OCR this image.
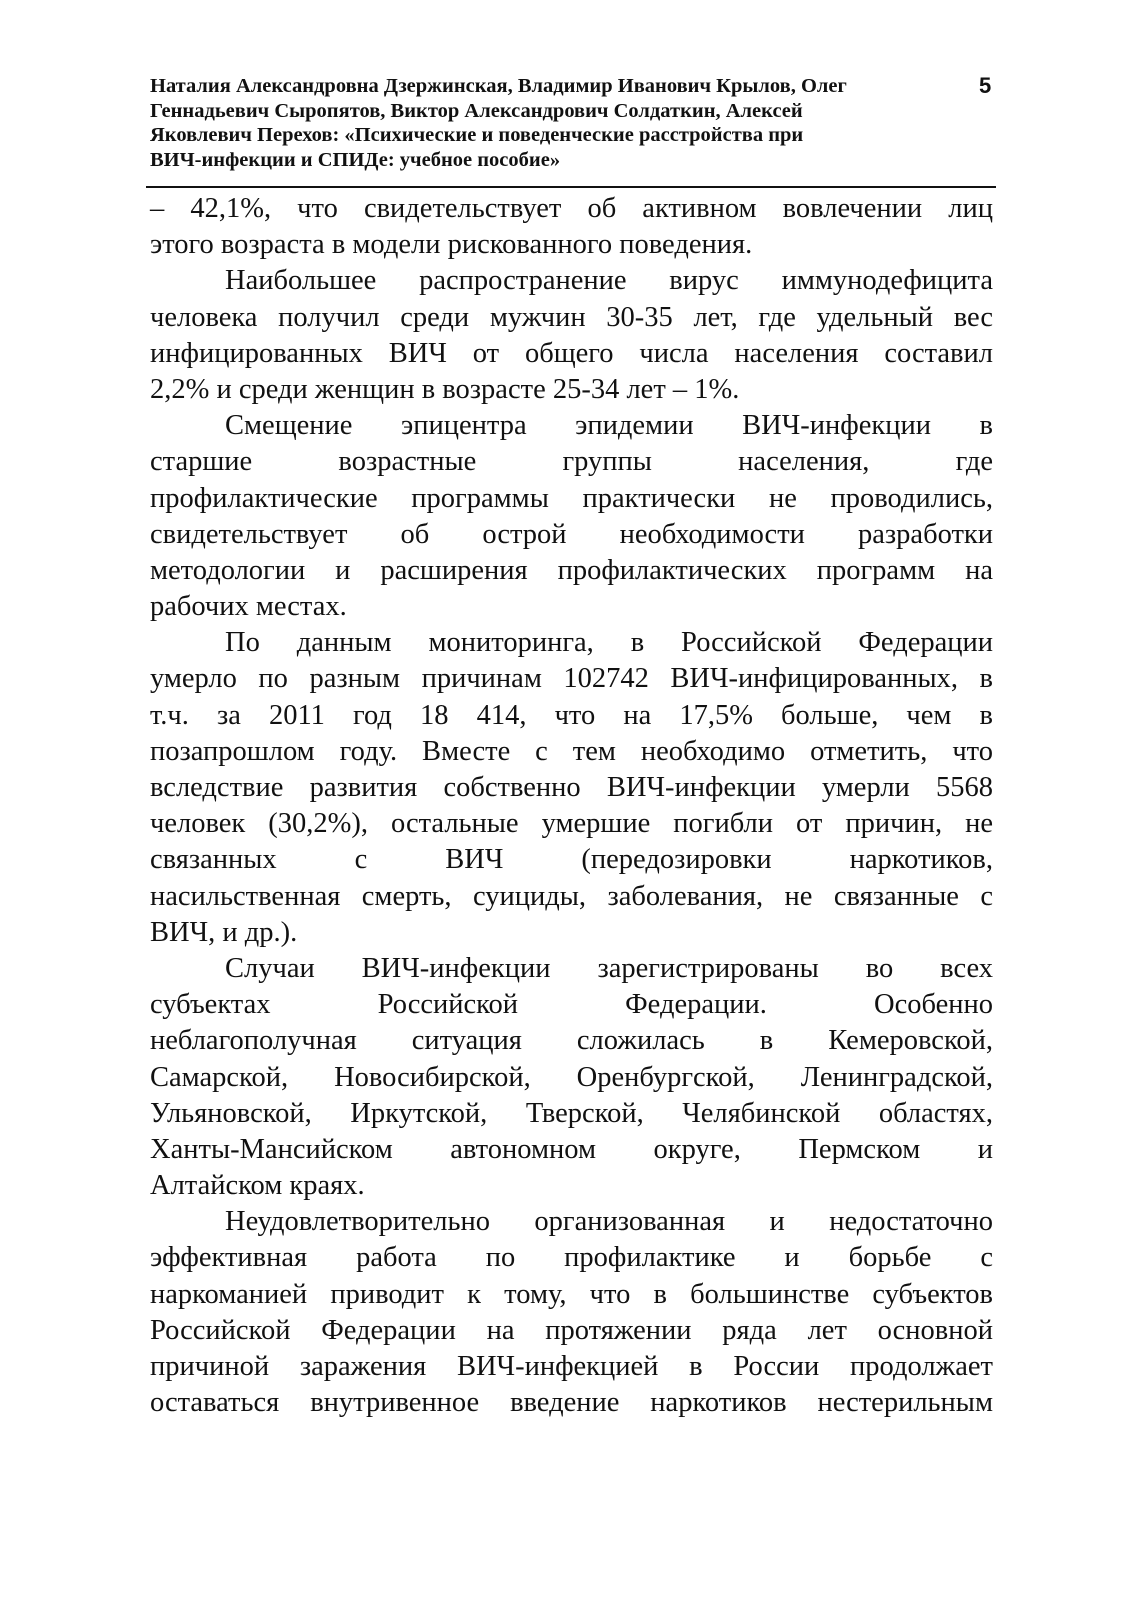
Наталия Александровна Дзержинская, Владимир Иванович Крылов, Олег
Геннадьевич Сыропятов, Виктор Александрович Солдаткин, Алексей
Яковлевич Перехов: «Психические и поведенческие расстройства при
ВИЧ-инфекции и СПИДе: учебное пособие»
5
– 42,1%, что свидетельствует об активном вовлечении лиц
этого возраста в модели рискованного поведения.
Наибольшее распространение вирус иммунодефицита
человека получил среди мужчин 30-35 лет, где удельный вес
инфицированных ВИЧ от общего числа населения составил
2,2% и среди женщин в возрасте 25-34 лет – 1%.
Смещение эпицентра эпидемии ВИЧ-инфекции в
старшие возрастные группы населения, где
профилактические программы практически не проводились,
свидетельствует об острой необходимости разработки
методологии и расширения профилактических программ на
рабочих местах.
По данным мониторинга, в Российской Федерации
умерло по разным причинам 102742 ВИЧ-инфицированных, в
т.ч. за 2011 год 18 414, что на 17,5% больше, чем в
позапрошлом году. Вместе с тем необходимо отметить, что
вследствие развития собственно ВИЧ-инфекции умерли 5568
человек (30,2%), остальные умершие погибли от причин, не
связанных с ВИЧ (передозировки наркотиков,
насильственная смерть, суициды, заболевания, не связанные с
ВИЧ, и др.).
Случаи ВИЧ-инфекции зарегистрированы во всех
субъектах Российской Федерации. Особенно
неблагополучная ситуация сложилась в Кемеровской,
Самарской, Новосибирской, Оренбургской, Ленинградской,
Ульяновской, Иркутской, Тверской, Челябинской областях,
Ханты-Мансийском автономном округе, Пермском и
Алтайском краях.
Неудовлетворительно организованная и недостаточно
эффективная работа по профилактике и борьбе с
наркоманией приводит к тому, что в большинстве субъектов
Российской Федерации на протяжении ряда лет основной
причиной заражения ВИЧ-инфекцией в России продолжает
оставаться внутривенное введение наркотиков нестерильным
